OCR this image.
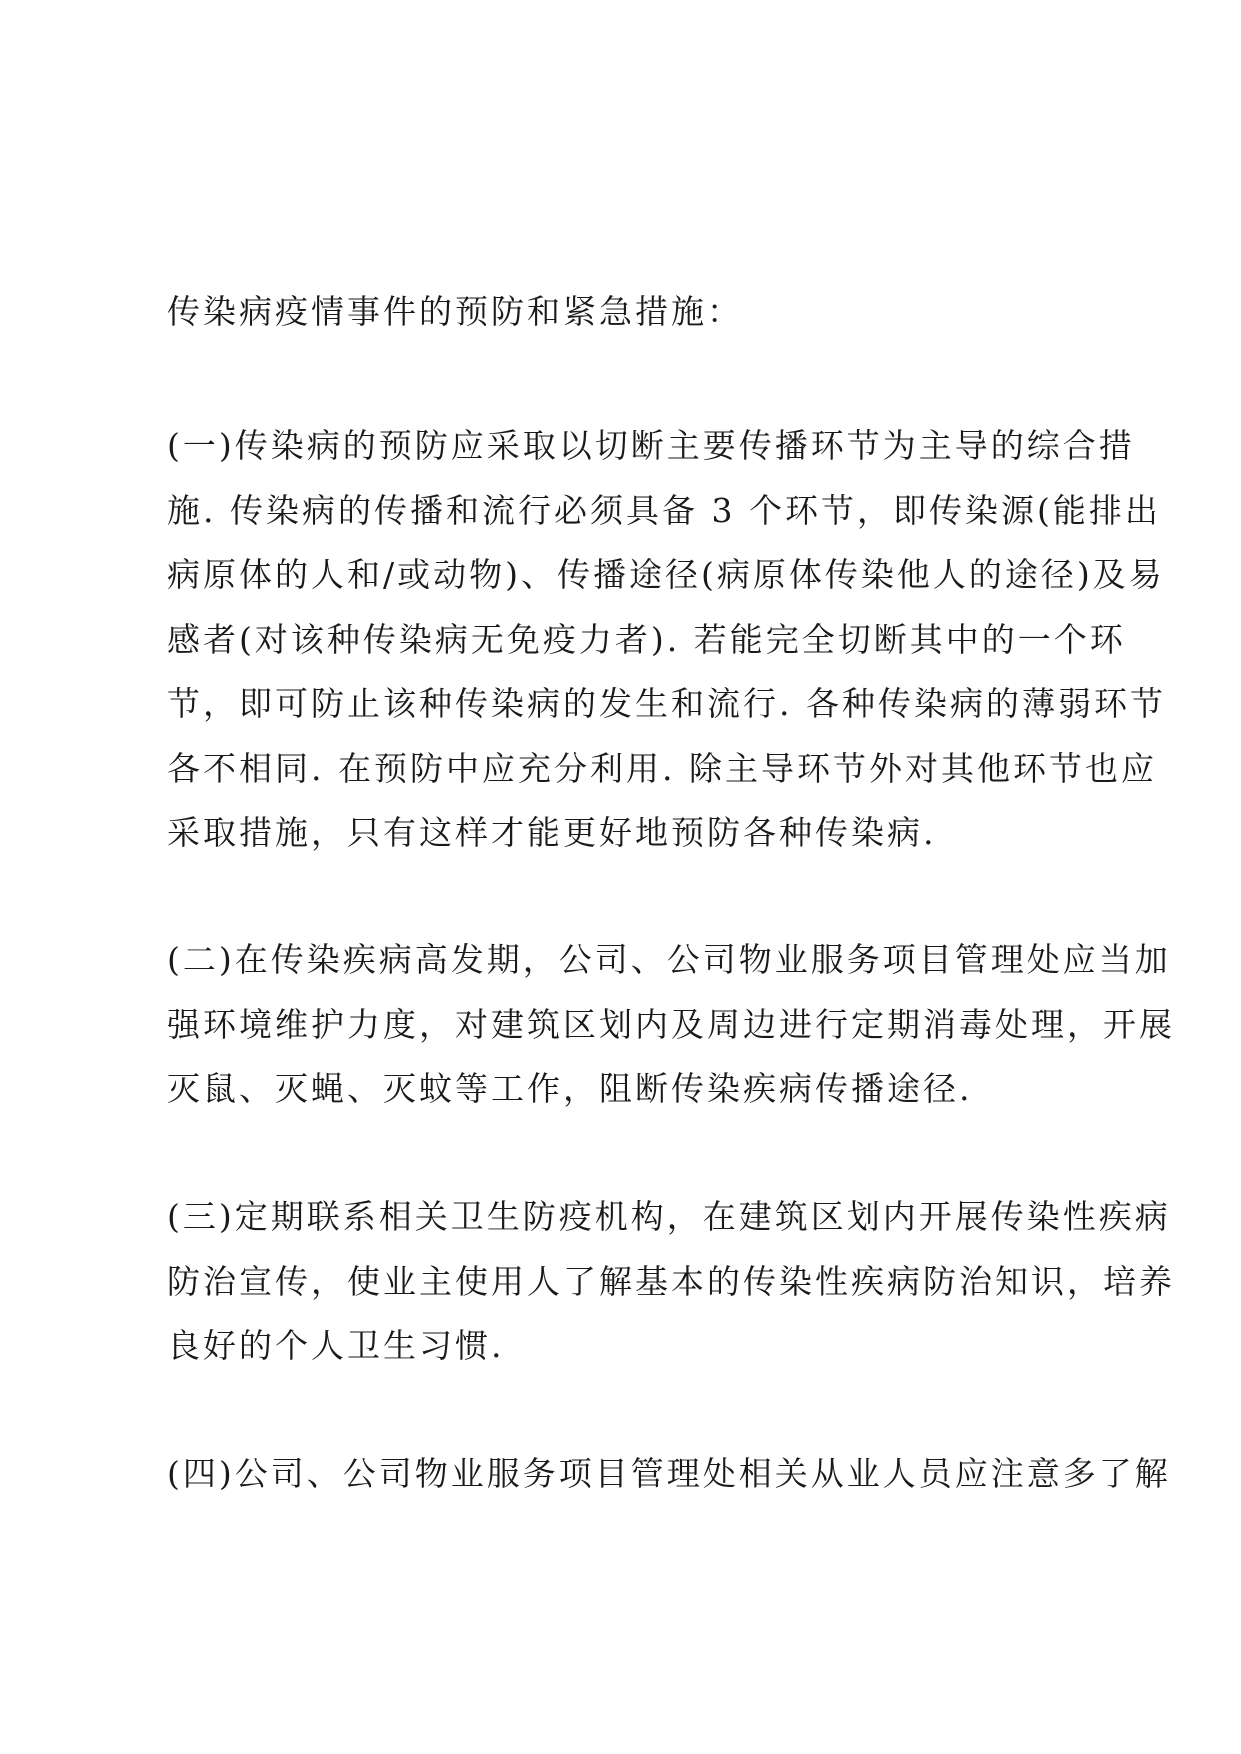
传染病疫情事件的预防和紧急措施：

(一)传染病的预防应采取以切断主要传播环节为主导的综合措
施. 传染病的传播和流行必须具备 3 个环节，即传染源(能排出
病原体的人和/或动物)、传播途径(病原体传染他人的途径)及易
感者(对该种传染病无免疫力者). 若能完全切断其中的一个环
节，即可防止该种传染病的发生和流行. 各种传染病的薄弱环节
各不相同. 在预防中应充分利用. 除主导环节外对其他环节也应
采取措施，只有这样才能更好地预防各种传染病.

(二)在传染疾病高发期，公司、公司物业服务项目管理处应当加
强环境维护力度，对建筑区划内及周边进行定期消毒处理，开展
灭鼠、灭蝇、灭蚊等工作，阻断传染疾病传播途径.

(三)定期联系相关卫生防疫机构，在建筑区划内开展传染性疾病
防治宣传，使业主使用人了解基本的传染性疾病防治知识，培养
良好的个人卫生习惯.

(四)公司、公司物业服务项目管理处相关从业人员应注意多了解
